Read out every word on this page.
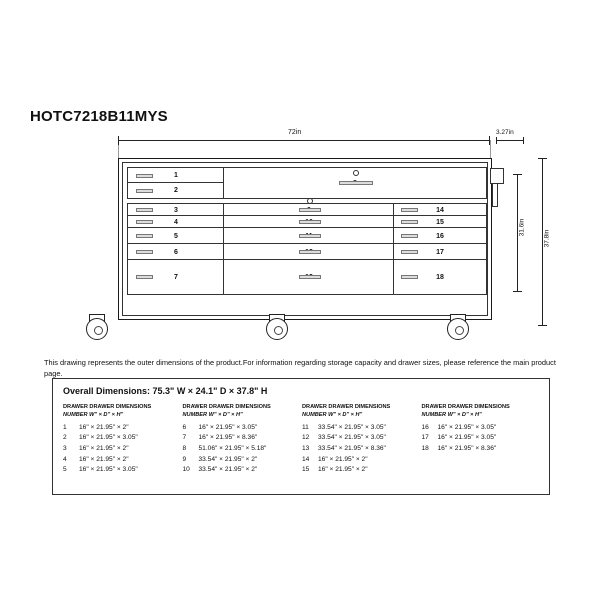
HOTC7218B11MYS
72in	3.27in
1
2
3
4
5
6
7
14
15
16
17
18
31.6in
37.8in
This drawing represents the outer dimensions of the product.For information regarding storage capacity and drawer sizes, please reference the main product page.
Overall Dimensions: 75.3" W × 24.1" D × 37.8" H
DRAWER DRAWER DIMENSIONS
NUMBER W" × D" × H"
1	16" × 21.95" × 2"
2	16" × 21.95" × 3.05"
3	16" × 21.95" × 2"
4	16" × 21.95" × 2"
5	16" × 21.95" × 3.05"
DRAWER DRAWER DIMENSIONS
NUMBER W" × D" × H"
6	16" × 21.95" × 3.05"
7	16" × 21.95" × 8.36"
8	51.06" × 21.95" × 5.18"
9	33.54" × 21.95" × 2"
10	33.54" × 21.95" × 2"
DRAWER DRAWER DIMENSIONS
NUMBER W" × D" × H"
11	33.54" × 21.95" × 3.05"
12	33.54" × 21.95" × 3.05"
13	33.54" × 21.95" × 8.36"
14	16" × 21.95" × 2"
15	16" × 21.95" × 2"
DRAWER DRAWER DIMENSIONS
NUMBER W" × D" × H"
16	16" × 21.95" × 3.05"
17	16" × 21.95" × 3.05"
18	16" × 21.95" × 8.36"
